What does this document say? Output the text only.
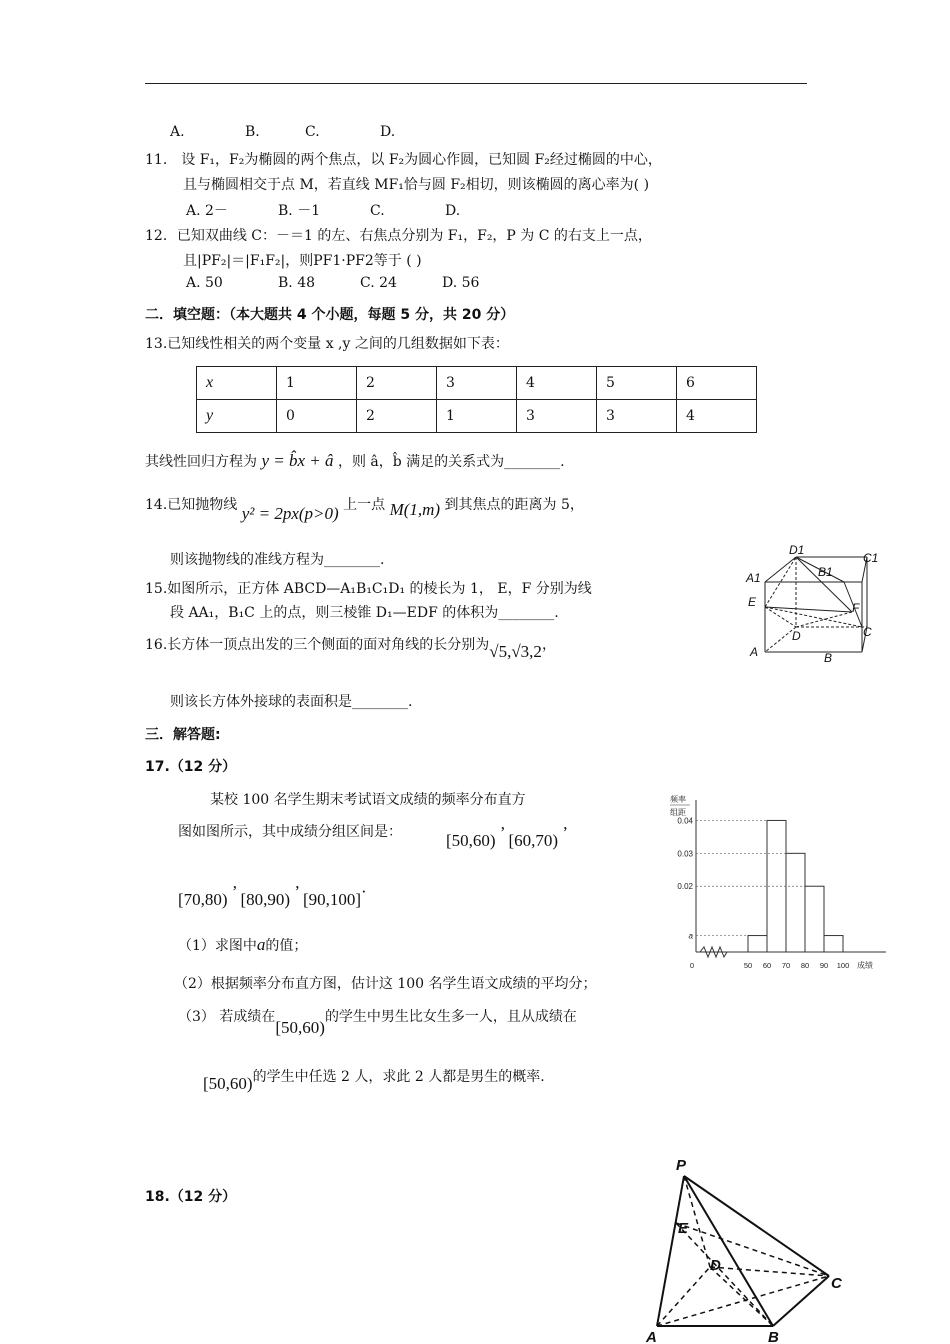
A.	B.	C.	D.
11． 设 F₁，F₂为椭圆的两个焦点，以 F₂为圆心作圆，已知圆 F₂经过椭圆的中心，
且与椭圆相交于点 M，若直线 MF₁恰与圆 F₂相切，则该椭圆的离心率为( )
A. 2－	B. －1	C.	D.
12．已知双曲线 C：－＝1 的左、右焦点分别为 F₁，F₂，P 为 C 的右支上一点，
且|PF₂|＝|F₁F₂|，则PF1·PF2等于 ( )
A. 50	B. 48	C. 24	D. 56
二．填空题：（本大题共 4 个小题，每题 5 分，共 20 分）
13.已知线性相关的两个变量 x ,y 之间的几组数据如下表：
x	1	2	3	4	5	6
y	0	2	1	3	3	4
其线性回归方程为 y = b̂x + â ，则 â，b̂ 满足的关系式为________.
14.已知抛物线 y² = 2px(p>0) 上一点 M(1,m) 到其焦点的距离为 5，
则该抛物线的准线方程为________.
15.如图所示，正方体 ABCD—A₁B₁C₁D₁ 的棱长为 1， E，F 分别为线
段 AA₁，B₁C 上的点，则三棱锥 D₁—EDF 的体积为________.
16.长方体一顶点出发的三个侧面的面对角线的长分别为√5,√3,2，
则该长方体外接球的表面积是________.
三．解答题:
17.（12 分）
某校 100 名学生期末考试语文成绩的频率分布直方
图如图所示，其中成绩分组区间是：	[50,60) ’ [60,70) ’
[70,80) ’ [80,90) ’ [90,100]·
（1）求图中a的值；
（2）根据频率分布直方图，估计这 100 名学生语文成绩的平均分；
（3） 若成绩在[50,60)的学生中男生比女生多一人，且从成绩在
[50,60)的学生中任选 2 人，求此 2 人都是男生的概率.
18.（12 分）
D1
C1
A1	B1
E	F
D	C
A	B
频率
组距
a
0.02
0.03
0.04
0	50 60 70 80 90 100 成绩
P
E
D
C
A	B
